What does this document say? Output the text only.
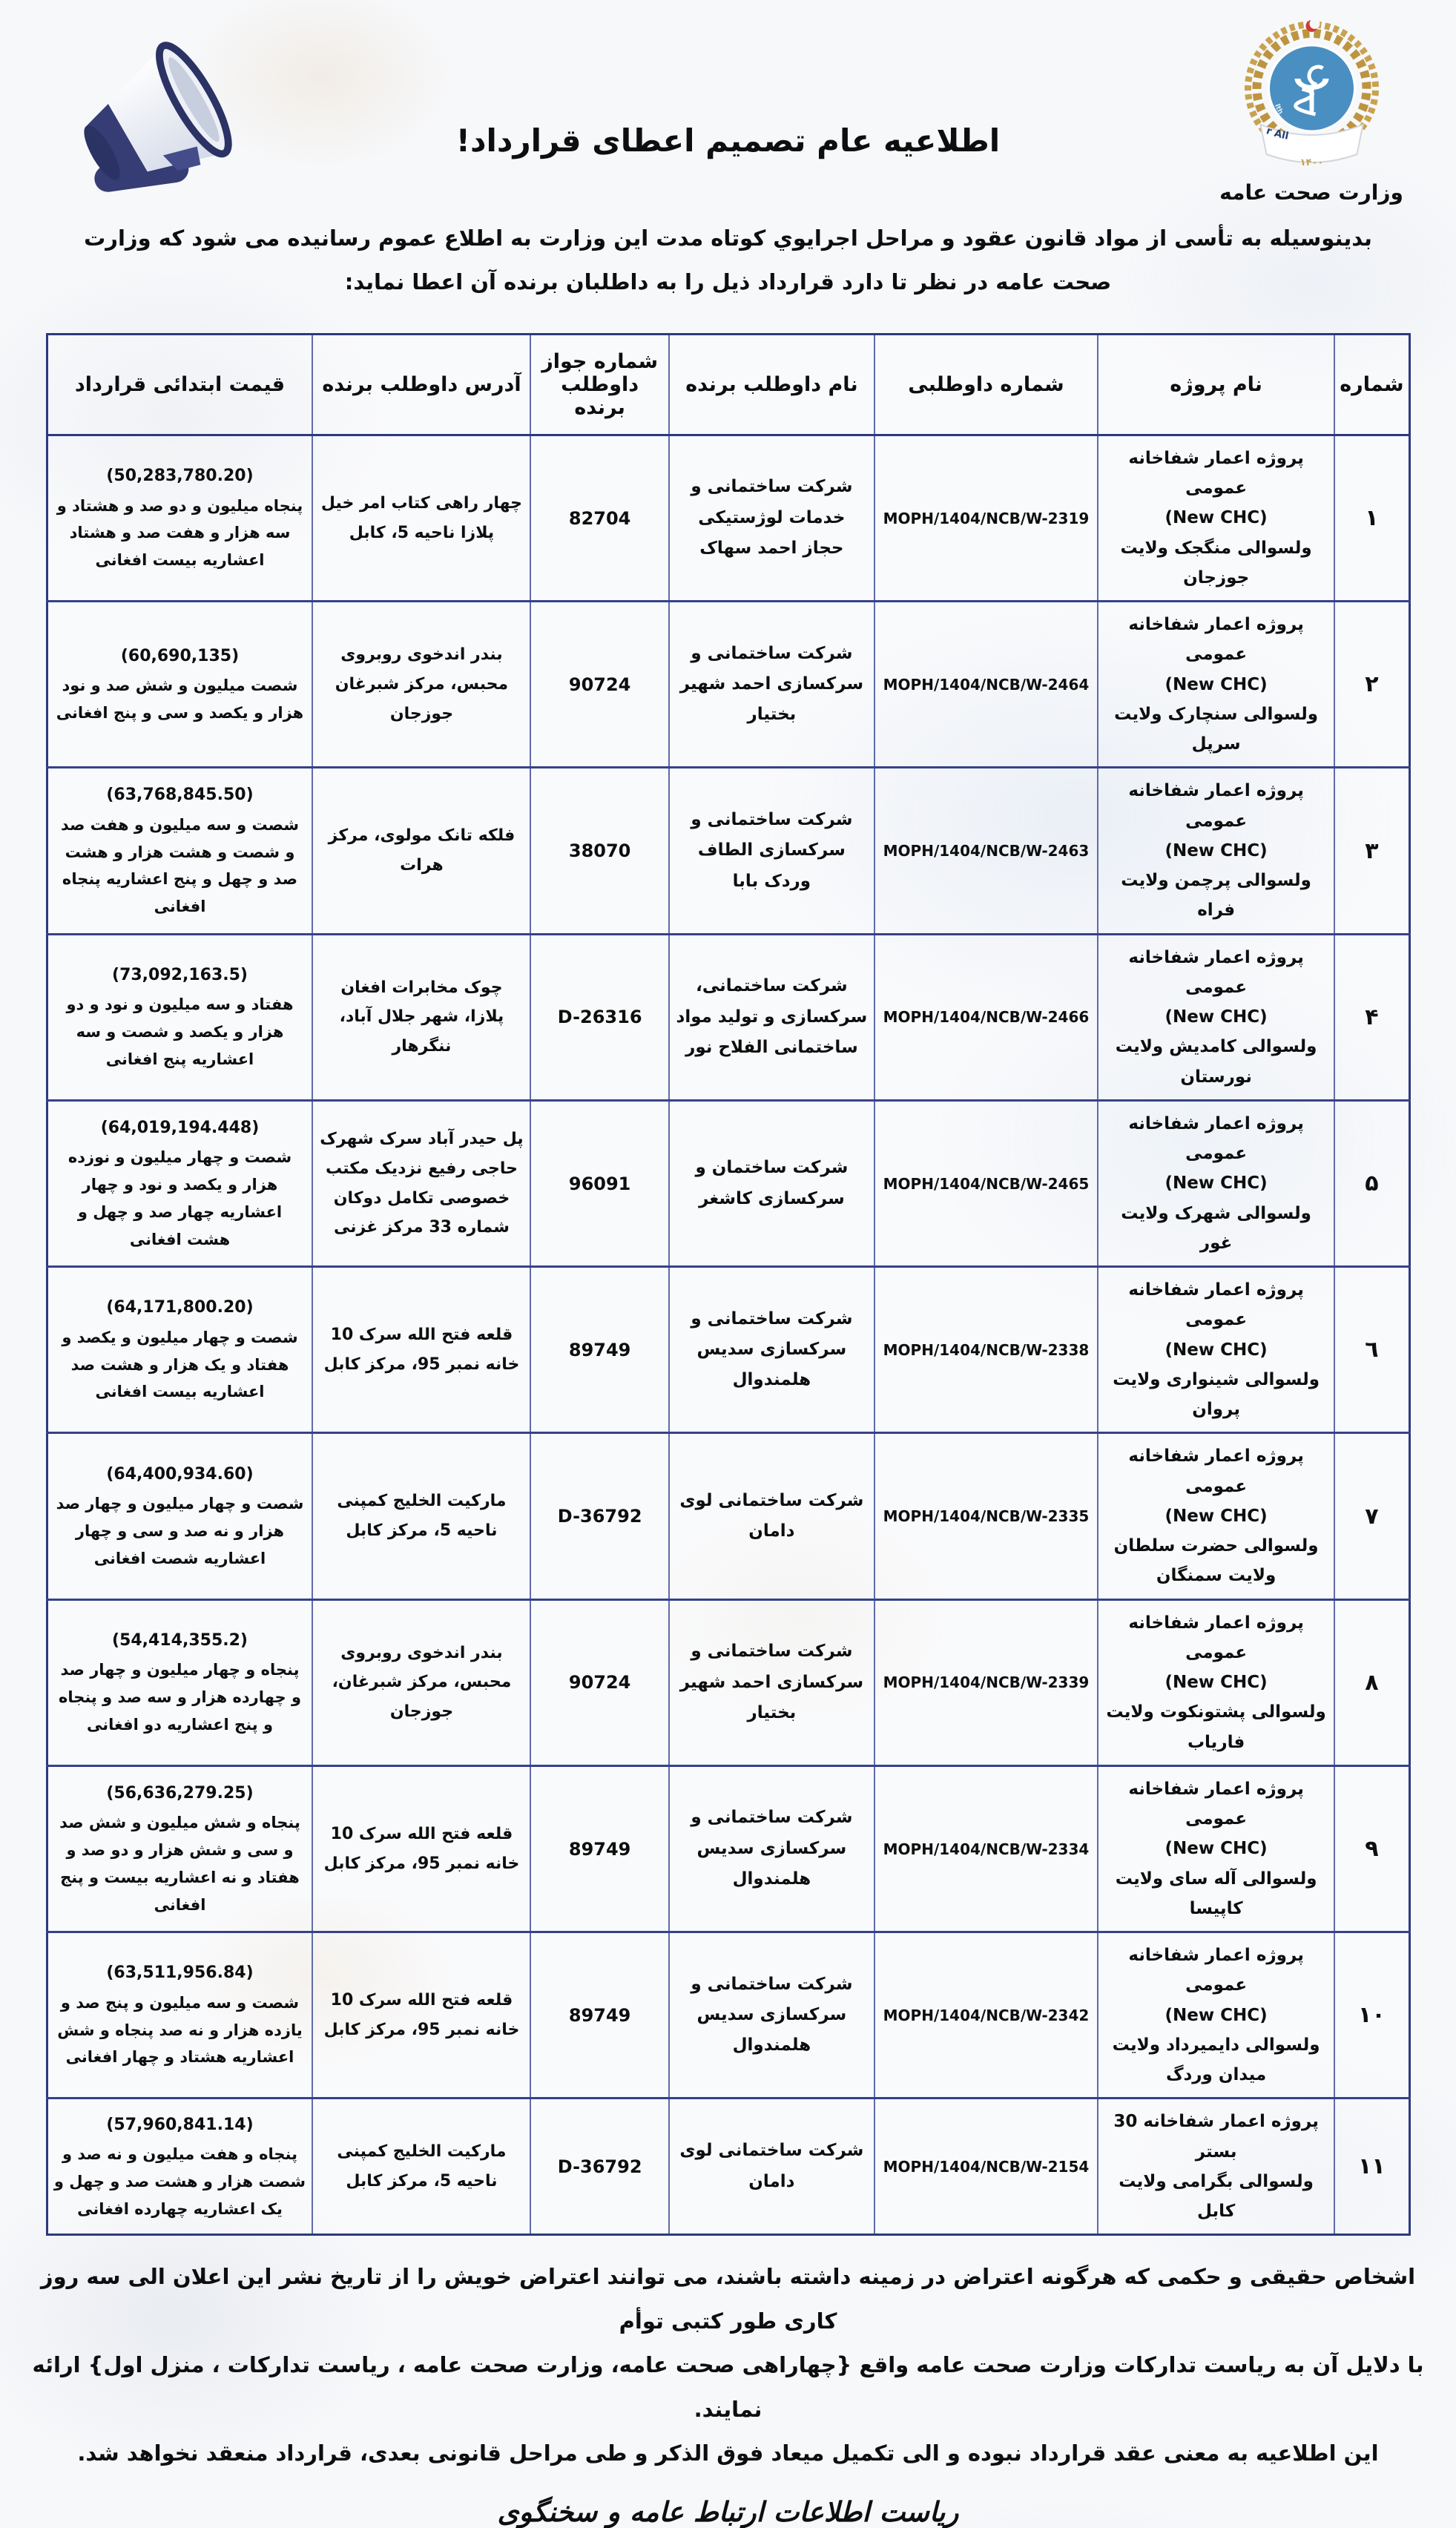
lth
r All
۱۴۰۰
وزارت صحت عامه
اطلاعیه عام تصمیم اعطای قرارداد!

بدینوسیله به تأسی از مواد قانون عقود و مراحل اجرایوي کوتاه مدت این وزارت به اطلاع عموم رسانیده می شود که وزارت صحت عامه در نظر تا دارد قرارداد ذیل را به داطلبان برنده آن اعطا نماید:

شماره	نام پروژه	شماره داوطلبی	نام داوطلب برنده	شماره جواز داوطلب برنده	آدرس داوطلب برنده	قیمت ابتدائی قرارداد
۱	
پروژه اعمار شفاخانه عمومی
(New CHC)
ولسوالی منگجک ولایت جوزجان
	MOPH/1404/NCB/W-2319	شرکت ساختمانی و خدمات لوژستیکی حجاز احمد سهاک	82704	چهار راهی کتاب امر خیل پلازا ناحیه 5، کابل	
(50,283,780.20)
پنجاه میلیون و دو صد و هشتاد و سه هزار و هفت صد و هشتاد اعشاریه بیست افغانی

۲	
پروژه اعمار شفاخانه عمومی
(New CHC)
ولسوالی سنچارک ولایت سرپل
	MOPH/1404/NCB/W-2464	شرکت ساختمانی و سرکسازی احمد شهیر بختیار	90724	بندر اندخوی روبروی محبس، مرکز شبرغان جوزجان	
(60,690,135)
شصت میلیون و شش صد و نود هزار و یکصد و سی و پنج افغانی

۳	
پروژه اعمار شفاخانه عمومی
(New CHC)
ولسوالی پرچمن ولایت فراه
	MOPH/1404/NCB/W-2463	شرکت ساختمانی و سرکسازی الطاف وردک بابا	38070	فلکه تانک مولوی، مرکز هرات	
(63,768,845.50)
شصت و سه میلیون و هفت صد و شصت و هشت هزار و هشت صد و چهل و پنج اعشاریه پنجاه افغانی

۴	
پروژه اعمار شفاخانه عمومی
(New CHC)
ولسوالی کامدیش ولایت نورستان
	MOPH/1404/NCB/W-2466	شرکت ساختمانی، سرکسازی و تولید مواد ساختمانی الفلاح نور	D-26316	چوک مخابرات افغان پلازا، شهر جلال آباد، ننگرهار	
(73,092,163.5)
هفتاد و سه میلیون و نود و دو هزار و یکصد و شصت و سه اعشاریه پنج افغانی

۵	
پروژه اعمار شفاخانه عمومی
(New CHC)
ولسوالی شهرک ولایت غور
	MOPH/1404/NCB/W-2465	شرکت ساختمان و سرکسازی کاشغر	96091	پل حیدر آباد سرک شهرک حاجی رفیع نزدیک مکتب خصوصی تکامل دوکان شماره 33 مرکز غزنی	
(64,019,194.448)
شصت و چهار میلیون و نوزده هزار و یکصد و نود و چهار اعشاریه چهار صد و چهل و هشت افغانی

٦	
پروژه اعمار شفاخانه عمومی
(New CHC)
ولسوالی شینواری ولایت پروان
	MOPH/1404/NCB/W-2338	شرکت ساختمانی و سرکسازی سدیس هلمندوال	89749	قلعه فتح الله سرک 10 خانه نمبر 95، مرکز کابل	
(64,171,800.20)
شصت و چهار میلیون و یکصد و هفتاد و یک هزار و هشت صد اعشاریه بیست افغانی

۷	
پروژه اعمار شفاخانه عمومی
(New CHC)
ولسوالی حضرت سلطان ولایت سمنگان
	MOPH/1404/NCB/W-2335	شرکت ساختمانی لوی دامان	D-36792	مارکیت الخلیج کمپنی ناحیه 5، مرکز کابل	
(64,400,934.60)
شصت و چهار میلیون و چهار صد هزار و نه صد و سی و چهار اعشاریه شصت افغانی

۸	
پروژه اعمار شفاخانه عمومی
(New CHC)
ولسوالی پشتونکوت ولایت فاریاب
	MOPH/1404/NCB/W-2339	شرکت ساختمانی و سرکسازی احمد شهیر بختیار	90724	بندر اندخوی روبروی محبس، مرکز شبرغان، جوزجان	
(54,414,355.2)
پنجاه و چهار میلیون و چهار صد و چهارده هزار و سه صد و پنجاه و پنج اعشاریه دو افغانی

۹	
پروژه اعمار شفاخانه عمومی
(New CHC)
ولسوالی آله سای ولایت کاپیسا
	MOPH/1404/NCB/W-2334	شرکت ساختمانی و سرکسازی سدیس هلمندوال	89749	قلعه فتح الله سرک 10 خانه نمبر 95، مرکز کابل	
(56,636,279.25)
پنجاه و شش میلیون و شش صد و سی و شش هزار و دو صد و هفتاد و نه اعشاریه بیست و پنج افغانی

۱۰	
پروژه اعمار شفاخانه عمومی
(New CHC)
ولسوالی دایمیرداد ولایت میدان وردگ
	MOPH/1404/NCB/W-2342	شرکت ساختمانی و سرکسازی سدیس هلمندوال	89749	قلعه فتح الله سرک 10 خانه نمبر 95، مرکز کابل	
(63,511,956.84)
شصت و سه میلیون و پنج صد و یازده هزار و نه صد پنجاه و شش اعشاریه هشتاد و چهار افغانی

۱۱	
پروژه اعمار شفاخانه 30 بستر
ولسوالی بگرامی ولایت کابل
	MOPH/1404/NCB/W-2154	شرکت ساختمانی لوی دامان	D-36792	مارکیت الخلیج کمپنی ناحیه 5، مرکز کابل	
(57,960,841.14)
پنجاه و هفت میلیون و نه صد و شصت هزار و هشت صد و چهل و یک اعشاریه چهارده افغانی

اشخاص حقیقی و حکمی که هرگونه اعتراض در زمینه داشته باشند، می توانند اعتراض خویش را از تاریخ نشر این اعلان الی سه روز کاری طور کتبی توأم

با دلایل آن به ریاست تدارکات وزارت صحت عامه واقع {چهاراهی صحت عامه، وزارت صحت عامه ، ریاست تدارکات ، منزل اول} ارائه نمایند.

این اطلاعیه به معنی عقد قرارداد نبوده و الی تکمیل میعاد فوق الذکر و طی مراحل قانونی بعدی، قرارداد منعقد نخواهد شد.

ریاست اطلاعات ارتباط عامه و سخنگوی
